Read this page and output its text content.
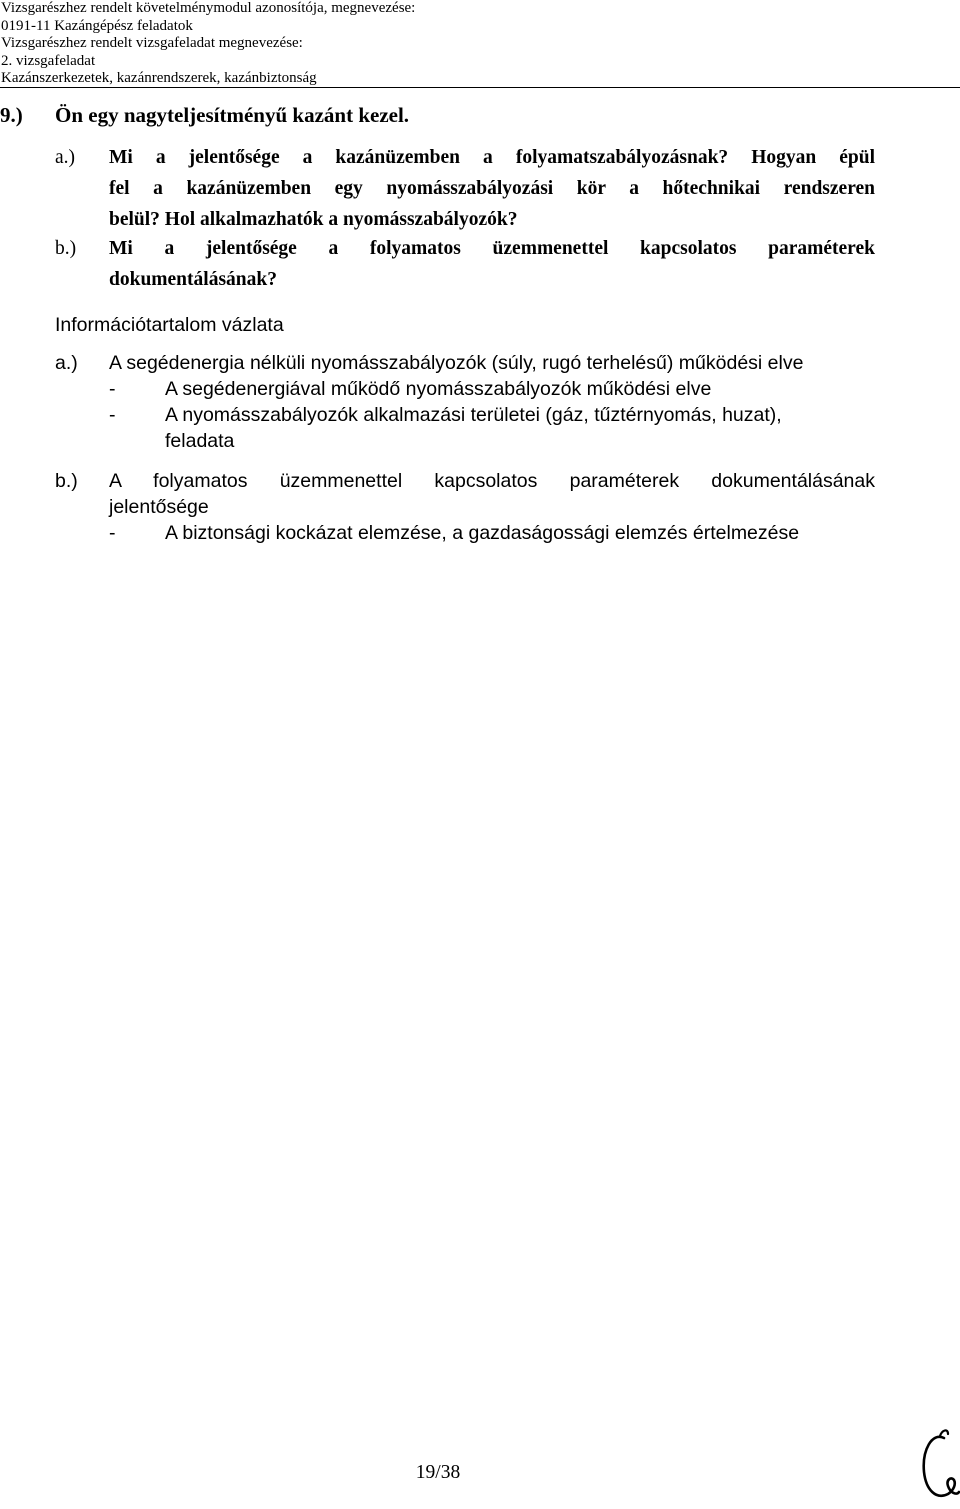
Vizsgarészhez rendelt követelménymodul azonosítója, megnevezése:
0191-11 Kazángépész feladatok
Vizsgarészhez rendelt vizsgafeladat megnevezése:
2. vizsgafeladat
Kazánszerkezetek, kazánrendszerek, kazánbiztonság
9.) Ön egy nagyteljesítményű kazánt kezel.
a.) Mi a jelentősége a kazánüzemben a folyamatszabályozásnak? Hogyan épül
fel a kazánüzemben egy nyomásszabályozási kör a hőtechnikai rendszeren
belül? Hol alkalmazhatók a nyomásszabályozók?
b.) Mi a jelentősége a folyamatos üzemmenettel kapcsolatos paraméterek
dokumentálásának?
Információtartalom vázlata
a.) A segédenergia nélküli nyomásszabályozók (súly, rugó terhelésű) működési elve
-	A segédenergiával működő nyomásszabályozók működési elve
-	A nyomásszabályozók alkalmazási területei (gáz, tűztérnyomás, huzat),
feladata
b.) A folyamatos üzemmenettel kapcsolatos paraméterek dokumentálásának
jelentősége
-	A biztonsági kockázat elemzése, a gazdaságossági elemzés értelmezése
19/38
